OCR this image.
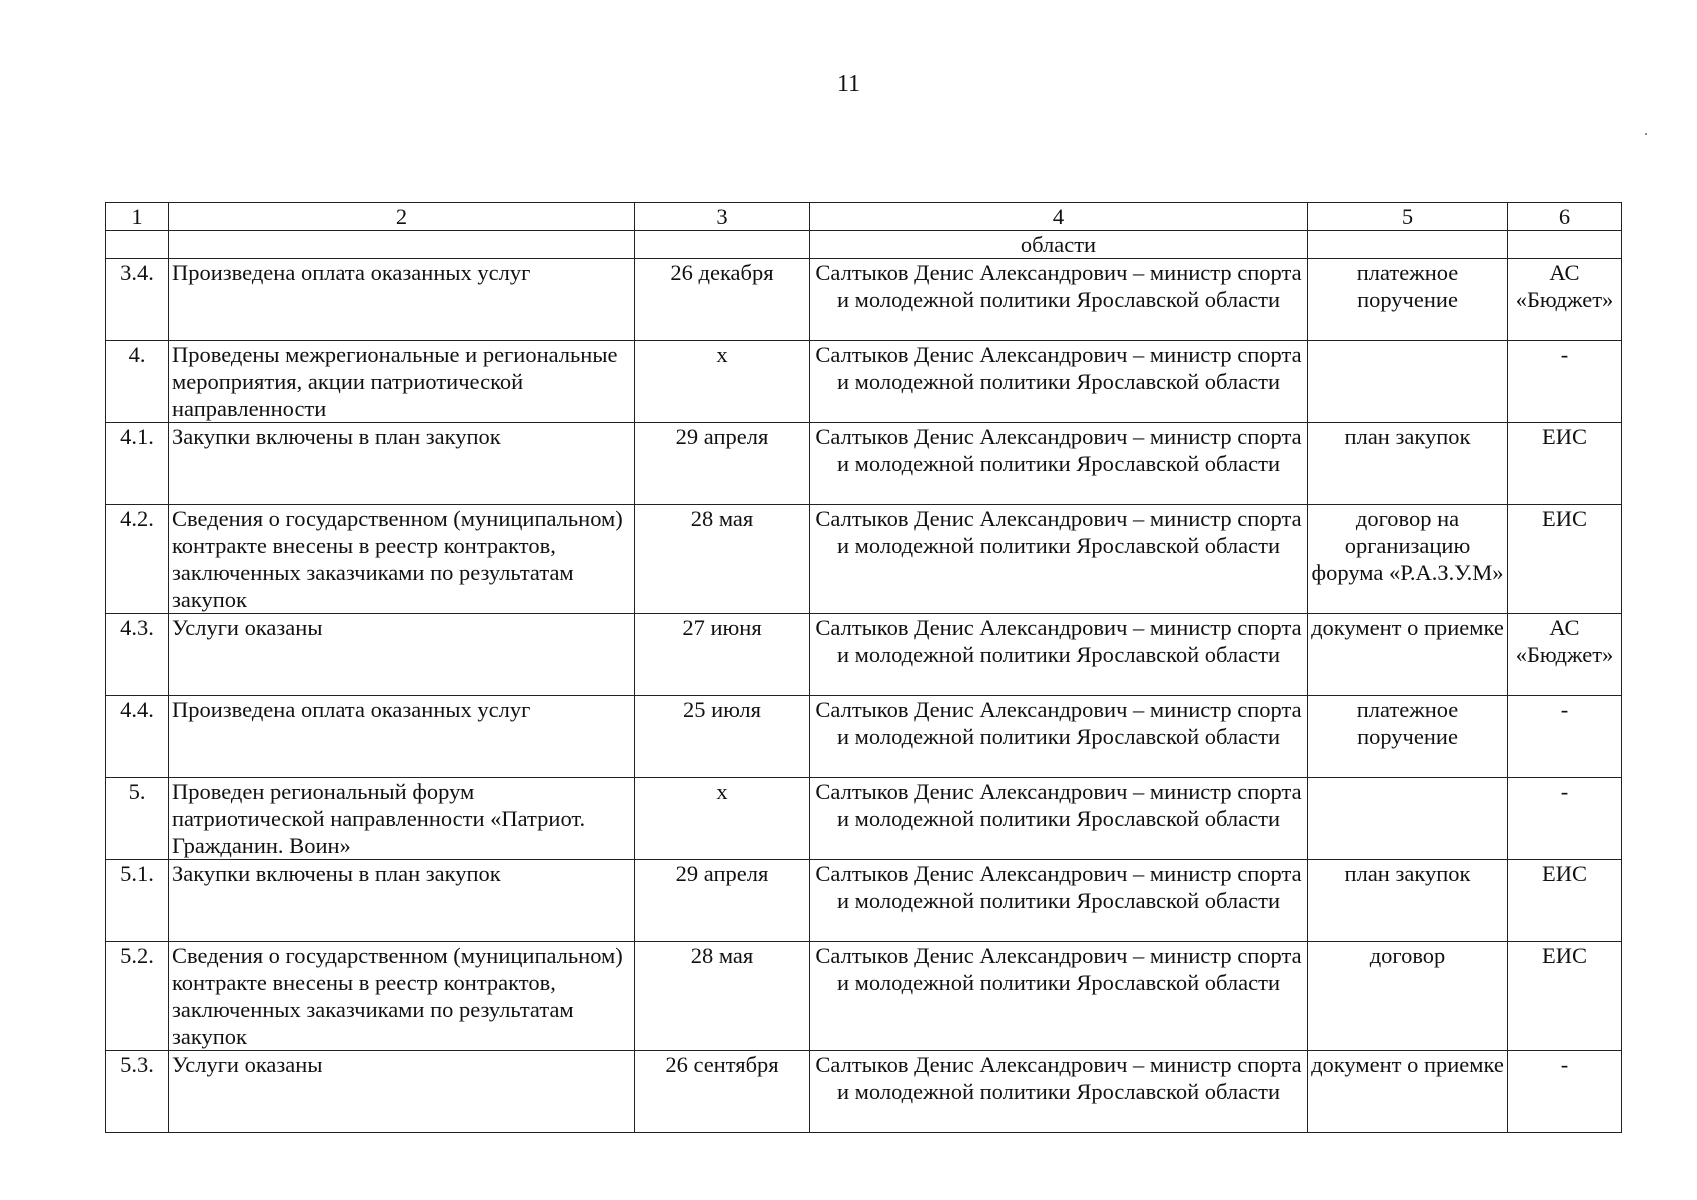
11
1	2	3	4	5	6
			области		
3.4.	Произведена оплата оказанных услуг	26 декабря	Салтыков Денис Александрович – министр спорта и молодежной политики Ярославской области	платежное поручение	АС «Бюджет»
4.	Проведены межрегиональные и региональные мероприятия, акции патриотической направленности	х	Салтыков Денис Александрович – министр спорта и молодежной политики Ярославской области		-
4.1.	Закупки включены в план закупок	29 апреля	Салтыков Денис Александрович – министр спорта и молодежной политики Ярославской области	план закупок	ЕИС
4.2.	Сведения о государственном (муниципальном) контракте внесены в реестр контрактов, заключенных заказчиками по результатам закупок	28 мая	Салтыков Денис Александрович – министр спорта и молодежной политики Ярославской области	договор на организацию форума «Р.А.З.У.М»	ЕИС
4.3.	Услуги оказаны	27 июня	Салтыков Денис Александрович – министр спорта и молодежной политики Ярославской области	документ о приемке	АС «Бюджет»
4.4.	Произведена оплата оказанных услуг	25 июля	Салтыков Денис Александрович – министр спорта и молодежной политики Ярославской области	платежное поручение	-
5.	Проведен региональный форум патриотической направленности «Патриот. Гражданин. Воин»	х	Салтыков Денис Александрович – министр спорта и молодежной политики Ярославской области		-
5.1.	Закупки включены в план закупок	29 апреля	Салтыков Денис Александрович – министр спорта и молодежной политики Ярославской области	план закупок	ЕИС
5.2.	Сведения о государственном (муниципальном) контракте внесены в реестр контрактов, заключенных заказчиками по результатам закупок	28 мая	Салтыков Денис Александрович – министр спорта и молодежной политики Ярославской области	договор	ЕИС
5.3.	Услуги оказаны	26 сентября	Салтыков Денис Александрович – министр спорта и молодежной политики Ярославской области	документ о приемке	-
